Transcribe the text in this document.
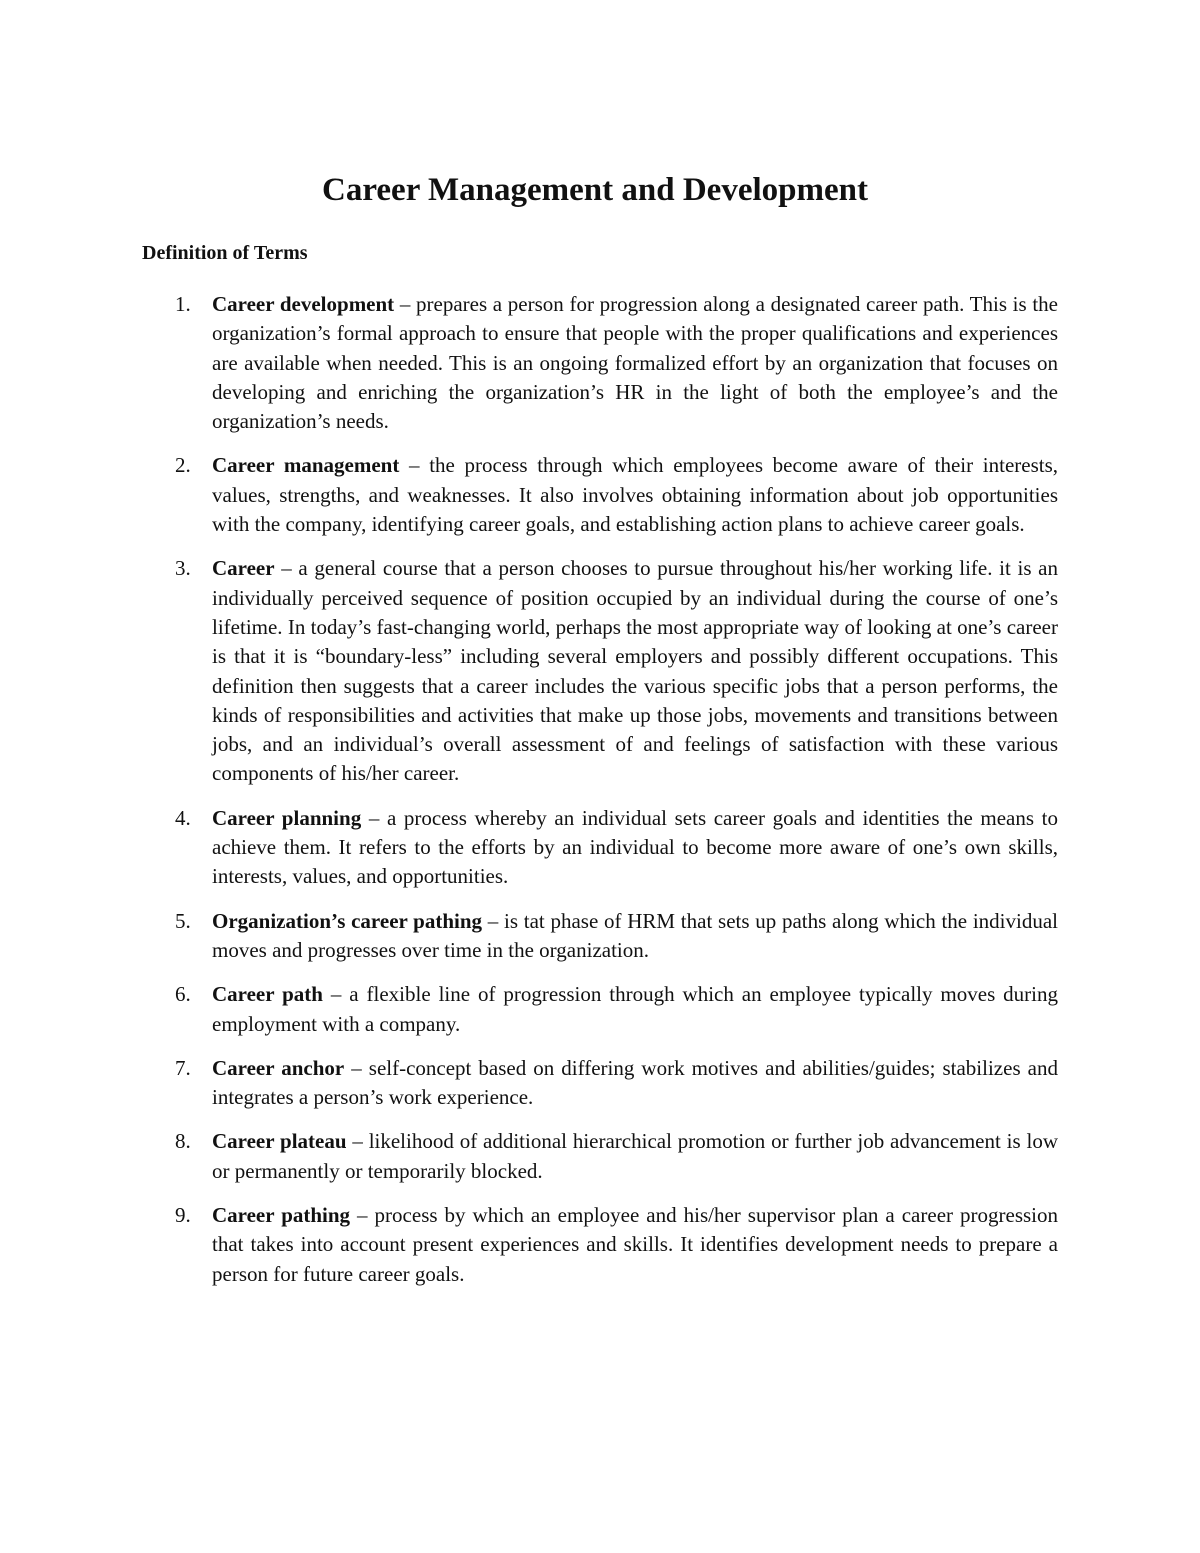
Career Management and Development
Definition of Terms
1. Career development – prepares a person for progression along a designated career path. This is the organization’s formal approach to ensure that people with the proper qualifications and experiences are available when needed. This is an ongoing formalized effort by an organization that focuses on developing and enriching the organization’s HR in the light of both the employee’s and the organization’s needs.

2. Career management – the process through which employees become aware of their interests, values, strengths, and weaknesses. It also involves obtaining information about job opportunities with the company, identifying career goals, and establishing action plans to achieve career goals.

3. Career – a general course that a person chooses to pursue throughout his/her working life. it is an individually perceived sequence of position occupied by an individual during the course of one’s lifetime. In today’s fast-changing world, perhaps the most appropriate way of looking at one’s career is that it is “boundary-less” including several employers and possibly different occupations. This definition then suggests that a career includes the various specific jobs that a person performs, the kinds of responsibilities and activities that make up those jobs, movements and transitions between jobs, and an individual’s overall assessment of and feelings of satisfaction with these various components of his/her career.

4. Career planning – a process whereby an individual sets career goals and identities the means to achieve them. It refers to the efforts by an individual to become more aware of one’s own skills, interests, values, and opportunities.

5. Organization’s career pathing – is tat phase of HRM that sets up paths along which the individual moves and progresses over time in the organization.

6. Career path – a flexible line of progression through which an employee typically moves during employment with a company.

7. Career anchor – self-concept based on differing work motives and abilities/guides; stabilizes and integrates a person’s work experience.

8. Career plateau – likelihood of additional hierarchical promotion or further job advancement is low or permanently or temporarily blocked.

9. Career pathing – process by which an employee and his/her supervisor plan a career progression that takes into account present experiences and skills. It identifies development needs to prepare a person for future career goals.
